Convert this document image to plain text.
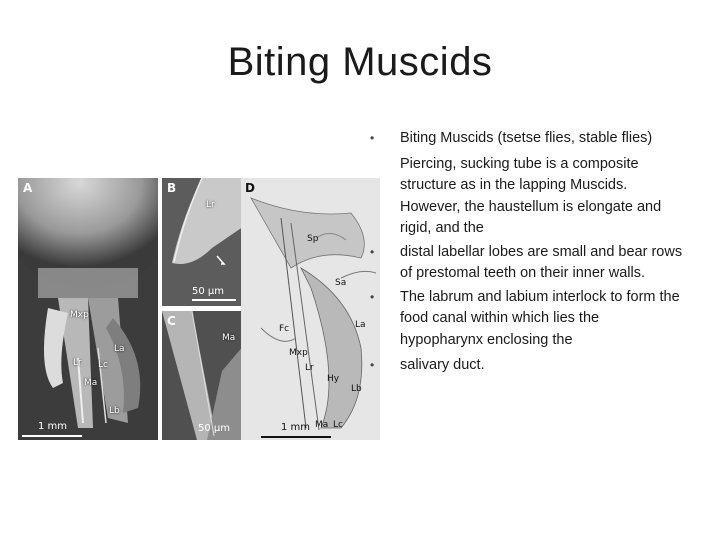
Biting Muscids
A
Mxp
La
Lr Lc
Ma
Lb
1 mm
B
Lr
50 µm
C
Ma
50 µm
D
Sp
Sa
Fc	La
Mxp
Lr
Hy
Lb
Ma Lc
1 mm
• Biting Muscids (tsetse flies, stable flies)
Piercing, sucking tube is a composite structure as in the lapping Muscids. However, the haustellum is elongate and rigid, and the
• distal labellar lobes are small and bear rows of prestomal teeth on their inner walls.
• The labrum and labium interlock to form the food canal within which lies the hypopharynx enclosing the
• salivary duct.
